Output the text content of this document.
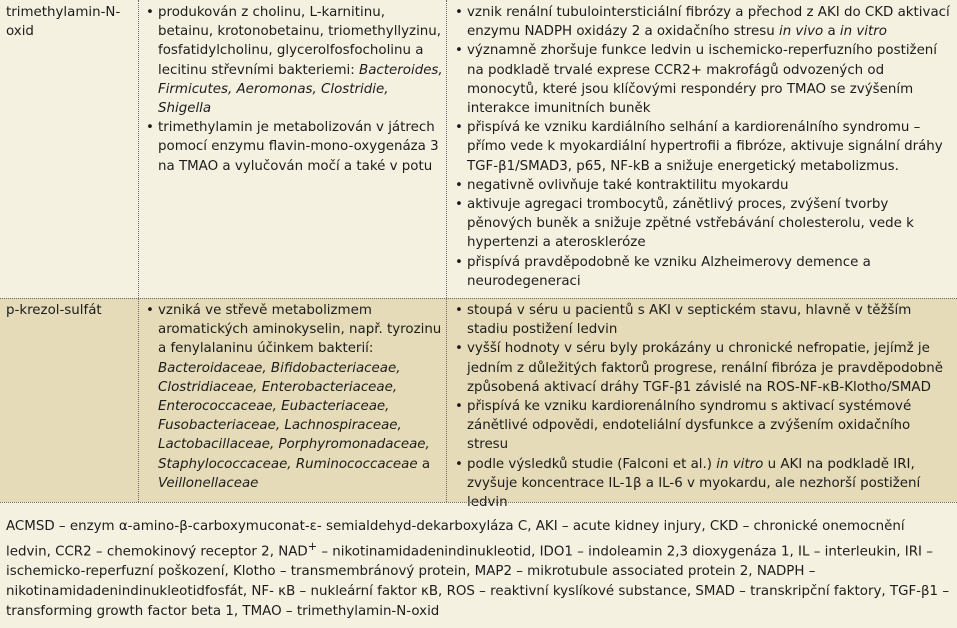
trimethylamin-N-oxid
• produkován z cholinu, L-karnitinu, betainu, krotonobetainu, triomethyllyzinu, fosfatidylcholinu, glycerolfosfocholinu a lecitinu střevními bakteriemi: Bacteroides, Firmicutes, Aeromonas, Clostridie, Shigella
• trimethylamin je metabolizován v játrech pomocí enzymu flavin-mono-oxygenáza 3 na TMAO a vylučován močí a také v potu
• vznik renální tubulointersticiální fibrózy a přechod z AKI do CKD aktivací enzymu NADPH oxidázy 2 a oxidačního stresu in vivo a in vitro
• významně zhoršuje funkce ledvin u ischemicko-reperfuzního postižení na podkladě trvalé exprese CCR2+ makrofágů odvozených od monocytů, které jsou klíčovými respondéry pro TMAO se zvýšením interakce imunitních buněk
• přispívá ke vzniku kardiálního selhání a kardiorenálního syndromu – přímo vede k myokardiální hypertrofii a fibróze, aktivuje signální dráhy TGF-β1/SMAD3, p65, NF-kB a snižuje energetický metabolizmus.
• negativně ovlivňuje také kontraktilitu myokardu
• aktivuje agregaci trombocytů, zánětlivý proces, zvýšení tvorby pěnových buněk a snižuje zpětné vstřebávání cholesterolu, vede k hypertenzi a ateroskleróze
• přispívá pravděpodobně ke vzniku Alzheimerovy demence a neurodegeneraci
p-krezol-sulfát
•	vzniká ve střevě metabolizmem aromatických aminokyselin, např. tyrozinu a fenylalaninu účinkem bakterií: Bacteroidaceae, Bifidobacteriaceae, Clostridiaceae, Enterobacteriaceae, Enterococcaceae, Eubacteriaceae, Fusobacteriaceae, Lachnospiraceae, Lactobacillaceae, Porphyromonadaceae, Staphylococcaceae, Ruminococcaceae a Veillonellaceae
• stoupá v séru u pacientů s AKI v septickém stavu, hlavně v těžším stadiu postižení ledvin
• vyšší hodnoty v séru byly prokázány u chronické nefropatie, jejímž je jedním z důležitých faktorů progrese, renální fibróza je pravděpodobně způsobená aktivací dráhy TGF-β1 závislé na ROS-NF-κB-Klotho/SMAD
• přispívá ke vzniku kardiorenálního syndromu s aktivací systémové zánětlivé odpovědi, endoteliální dysfunkce a zvýšením oxidačního stresu
• podle výsledků studie (Falconi et al.) in vitro u AKI na podkladě IRI, zvyšuje koncentrace IL-1β a IL-6 v myokardu, ale nezhorší postižení ledvin
ACMSD – enzym α-amino-β-carboxymuconat-ε- semialdehyd-dekarboxyláza C, AKI – acute kidney injury, CKD – chronické onemocnění ledvin, CCR2 – chemokinový receptor 2, NAD+ – nikotinamidadenindinukleotid, IDO1 – indoleamin 2,3 dioxygenáza 1, IL – interleukin, IRI – ischemicko-reperfuzní poškození, Klotho – transmembránový protein, MAP2 – mikrotubule associated protein 2, NADPH – nikotinamidadenindinukleotidfosfát, NF- κB – nukleární faktor κB, ROS – reaktivní kyslíkové substance, SMAD – transkripční faktory, TGF-β1 – transforming growth factor beta 1, TMAO – trimethylamin-N-oxid
